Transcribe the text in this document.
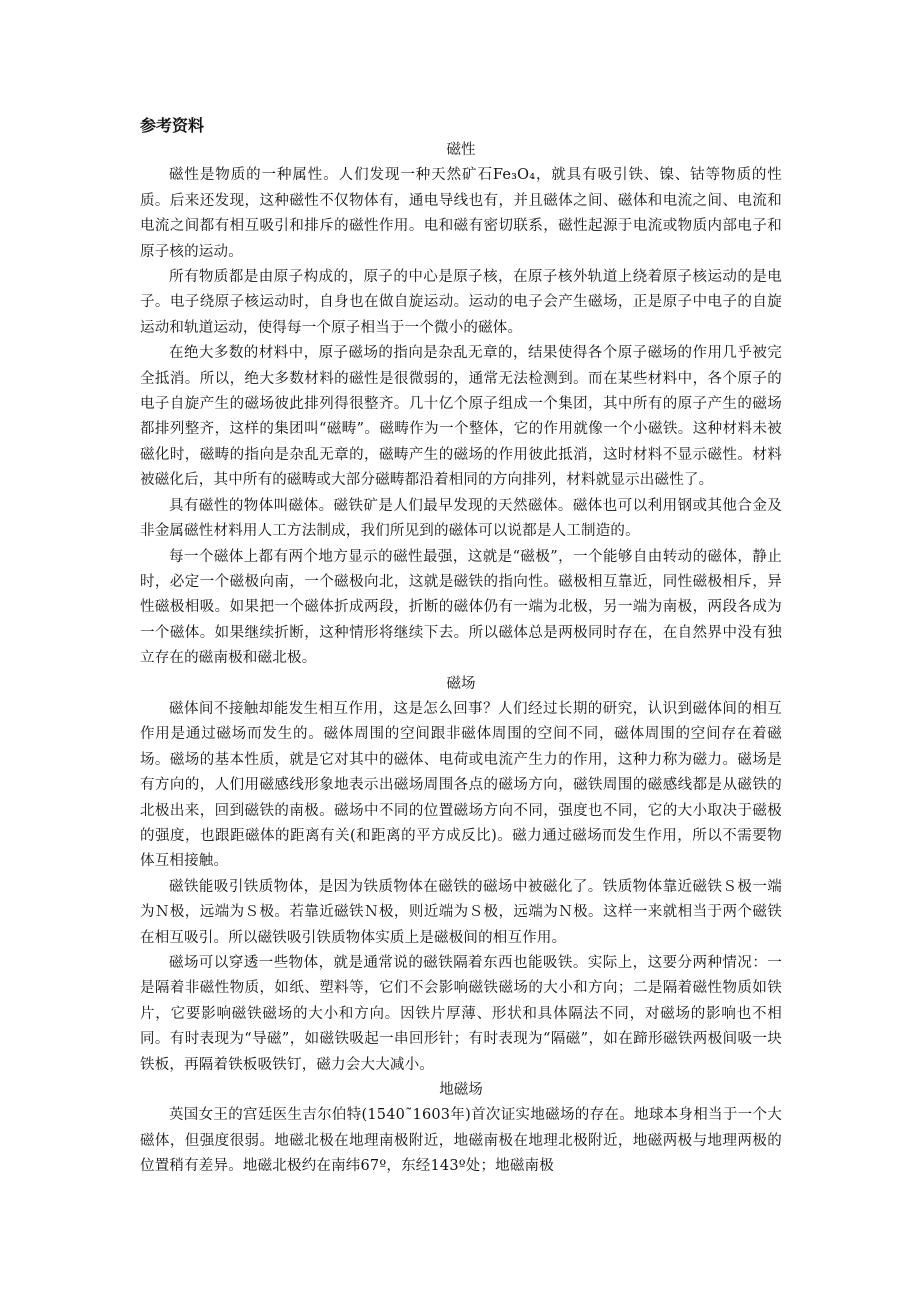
参考资料
磁性

磁性是物质的一种属性。人们发现一种天然矿石Fe₃O₄，就具有吸引铁、镍、钴等物质的性质。后来还发现，这种磁性不仅物体有，通电导线也有，并且磁体之间、磁体和电流之间、电流和电流之间都有相互吸引和排斥的磁性作用。电和磁有密切联系，磁性起源于电流或物质内部电子和原子核的运动。

所有物质都是由原子构成的，原子的中心是原子核，在原子核外轨道上绕着原子核运动的是电子。电子绕原子核运动时，自身也在做自旋运动。运动的电子会产生磁场，正是原子中电子的自旋运动和轨道运动，使得每一个原子相当于一个微小的磁体。

在绝大多数的材料中，原子磁场的指向是杂乱无章的，结果使得各个原子磁场的作用几乎被完全抵消。所以，绝大多数材料的磁性是很微弱的，通常无法检测到。而在某些材料中，各个原子的电子自旋产生的磁场彼此排列得很整齐。几十亿个原子组成一个集团，其中所有的原子产生的磁场都排列整齐，这样的集团叫“磁畴”。磁畴作为一个整体，它的作用就像一个小磁铁。这种材料未被磁化时，磁畴的指向是杂乱无章的，磁畴产生的磁场的作用彼此抵消，这时材料不显示磁性。材料被磁化后，其中所有的磁畴或大部分磁畴都沿着相同的方向排列，材料就显示出磁性了。

具有磁性的物体叫磁体。磁铁矿是人们最早发现的天然磁体。磁体也可以利用钢或其他合金及非金属磁性材料用人工方法制成，我们所见到的磁体可以说都是人工制造的。

每一个磁体上都有两个地方显示的磁性最强，这就是“磁极”，一个能够自由转动的磁体，静止时，必定一个磁极向南，一个磁极向北，这就是磁铁的指向性。磁极相互靠近，同性磁极相斥，异性磁极相吸。如果把一个磁体折成两段，折断的磁体仍有一端为北极，另一端为南极，两段各成为一个磁体。如果继续折断，这种情形将继续下去。所以磁体总是两极同时存在，在自然界中没有独立存在的磁南极和磁北极。

磁场

磁体间不接触却能发生相互作用，这是怎么回事？人们经过长期的研究，认识到磁体间的相互作用是通过磁场而发生的。磁体周围的空间跟非磁体周围的空间不同，磁体周围的空间存在着磁场。磁场的基本性质，就是它对其中的磁体、电荷或电流产生力的作用，这种力称为磁力。磁场是有方向的，人们用磁感线形象地表示出磁场周围各点的磁场方向，磁铁周围的磁感线都是从磁铁的北极出来，回到磁铁的南极。磁场中不同的位置磁场方向不同，强度也不同，它的大小取决于磁极的强度，也跟距磁体的距离有关(和距离的平方成反比)。磁力通过磁场而发生作用，所以不需要物体互相接触。

磁铁能吸引铁质物体，是因为铁质物体在磁铁的磁场中被磁化了。铁质物体靠近磁铁Ｓ极一端为Ｎ极，远端为Ｓ极。若靠近磁铁Ｎ极，则近端为Ｓ极，远端为Ｎ极。这样一来就相当于两个磁铁在相互吸引。所以磁铁吸引铁质物体实质上是磁极间的相互作用。

磁场可以穿透一些物体，就是通常说的磁铁隔着东西也能吸铁。实际上，这要分两种情况：一是隔着非磁性物质，如纸、塑料等，它们不会影响磁铁磁场的大小和方向；二是隔着磁性物质如铁片，它要影响磁铁磁场的大小和方向。因铁片厚薄、形状和具体隔法不同，对磁场的影响也不相同。有时表现为“导磁”，如磁铁吸起一串回形针；有时表现为“隔磁”，如在蹄形磁铁两极间吸一块铁板，再隔着铁板吸铁钉，磁力会大大减小。

地磁场

英国女王的宫廷医生吉尔伯特(1540˜1603年)首次证实地磁场的存在。地球本身相当于一个大磁体，但强度很弱。地磁北极在地理南极附近，地磁南极在地理北极附近，地磁两极与地理两极的位置稍有差异。地磁北极约在南纬67º，东经143º处；地磁南极
